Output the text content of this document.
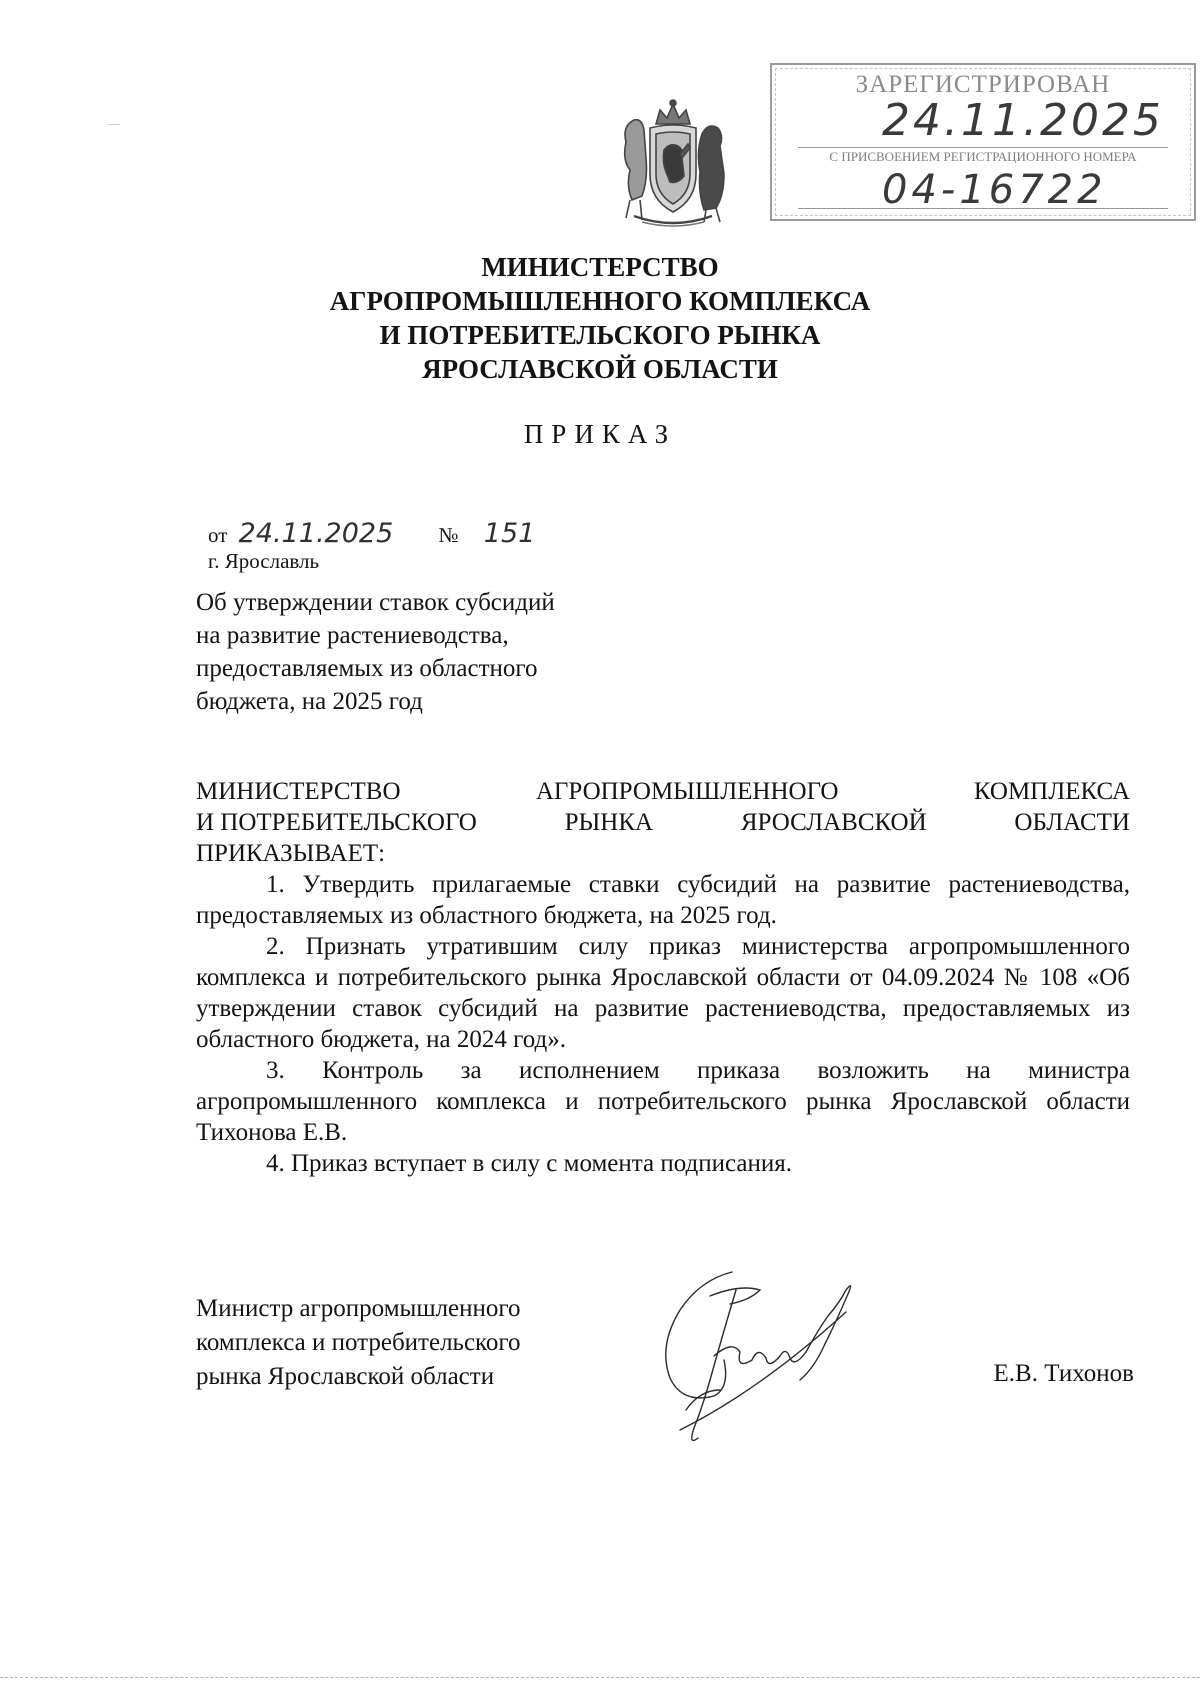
ЗАРЕГИСТРИРОВАН
24.11.2025
С ПРИСВОЕНИЕМ РЕГИСТРАЦИОННОГО НОМЕРА
04-16722
МИНИСТЕРСТВО
АГРОПРОМЫШЛЕННОГО КОМПЛЕКСА
И ПОТРЕБИТЕЛЬСКОГО РЫНКА
ЯРОСЛАВСКОЙ ОБЛАСТИ
ПРИКАЗ
от 24.11.2025 № 151
г. Ярославль
Об утверждении ставок субсидий
на развитие растениеводства,
предоставляемых из областного
бюджета, на 2025 год
МИНИСТЕРСТВО	АГРОПРОМЫШЛЕННОГО	КОМПЛЕКСА
И ПОТРЕБИТЕЛЬСКОГО	РЫНКА	ЯРОСЛАВСКОЙ	ОБЛАСТИ
ПРИКАЗЫВАЕТ:

1. Утвердить прилагаемые ставки субсидий на развитие растениеводства, предоставляемых из областного бюджета, на 2025 год.

2. Признать утратившим силу приказ министерства агропромышленного комплекса и потребительского рынка Ярославской области от 04.09.2024 № 108 «Об утверждении ставок субсидий на развитие растениеводства, предоставляемых из областного бюджета, на 2024 год».

3. Контроль за исполнением приказа возложить на министра агропромышленного комплекса и потребительского рынка Ярославской области Тихонова Е.В.

4. Приказ вступает в силу с момента подписания.

Министр агропромышленного
комплекса и потребительского
рынка Ярославской области	Е.В. Тихонов
